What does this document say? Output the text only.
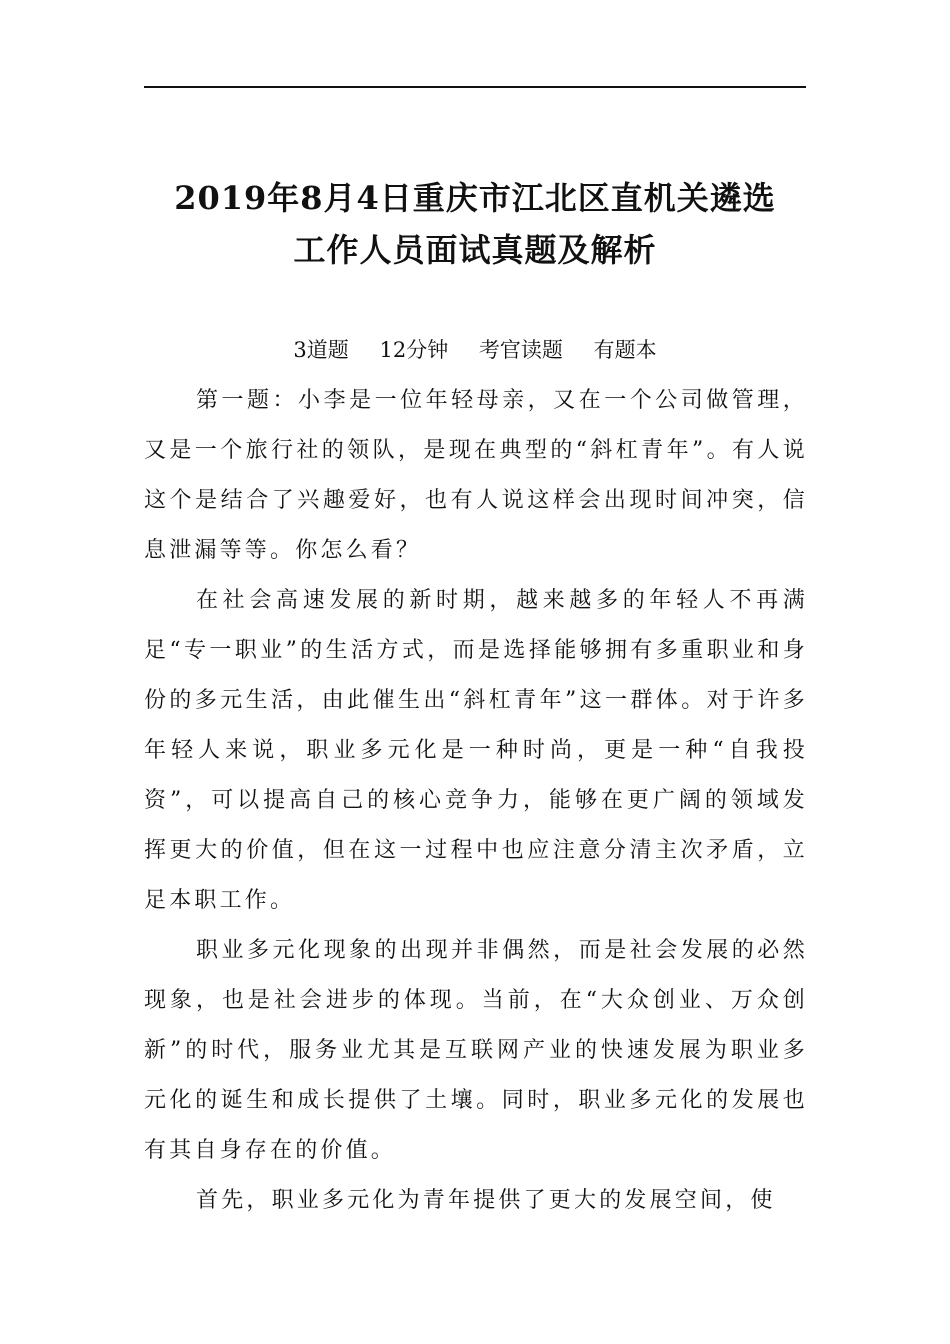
2019年8月4日重庆市江北区直机关遴选
工作人员面试真题及解析
3道题 12分钟 考官读题 有题本

第一题：小李是一位年轻母亲，又在一个公司做管理，又是一个旅行社的领队，是现在典型的“斜杠青年”。有人说这个是结合了兴趣爱好，也有人说这样会出现时间冲突，信息泄漏等等。你怎么看？

在社会高速发展的新时期，越来越多的年轻人不再满足“专一职业”的生活方式，而是选择能够拥有多重职业和身份的多元生活，由此催生出“斜杠青年”这一群体。对于许多年轻人来说，职业多元化是一种时尚，更是一种“自我投资”，可以提高自己的核心竞争力，能够在更广阔的领域发挥更大的价值，但在这一过程中也应注意分清主次矛盾，立足本职工作。

职业多元化现象的出现并非偶然，而是社会发展的必然现象，也是社会进步的体现。当前，在“大众创业、万众创新”的时代，服务业尤其是互联网产业的快速发展为职业多元化的诞生和成长提供了土壤。同时，职业多元化的发展也有其自身存在的价值。

首先，职业多元化为青年提供了更大的发展空间，使
